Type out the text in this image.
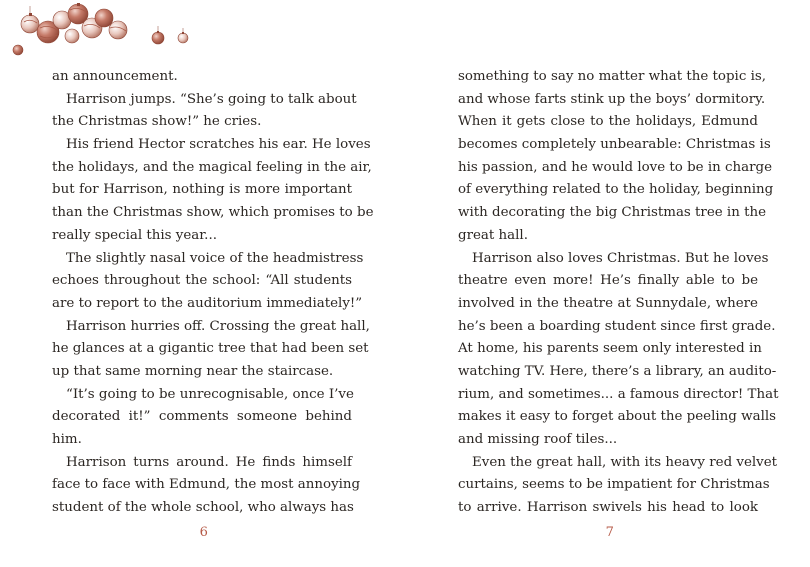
an announcement.
Harrison jumps. “She’s going to talk about
the Christmas show!” he cries.
His friend Hector scratches his ear. He loves
the holidays, and the magical feeling in the air,
but for Harrison, nothing is more important
than the Christmas show, which promises to be
really special this year...
The slightly nasal voice of the headmistress
echoes throughout the school: “All students
are to report to the auditorium immediately!”
Harrison hurries off. Crossing the great hall,
he glances at a gigantic tree that had been set
up that same morning near the staircase.
“It’s going to be unrecognisable, once I’ve
decorated it!” comments someone behind
him.
Harrison turns around. He finds himself
face to face with Edmund, the most annoying
student of the whole school, who always has
something to say no matter what the topic is,
and whose farts stink up the boys’ dormitory.
When it gets close to the holidays, Edmund
becomes completely unbearable: Christmas is
his passion, and he would love to be in charge
of everything related to the holiday, beginning
with decorating the big Christmas tree in the
great hall.
Harrison also loves Christmas. But he loves
theatre even more! He’s finally able to be
involved in the theatre at Sunnydale, where
he’s been a boarding student since first grade.
At home, his parents seem only interested in
watching TV. Here, there’s a library, an audito-
rium, and sometimes... a famous director! That
makes it easy to forget about the peeling walls
and missing roof tiles...
Even the great hall, with its heavy red velvet
curtains, seems to be impatient for Christmas
to arrive. Harrison swivels his head to look
6	7
